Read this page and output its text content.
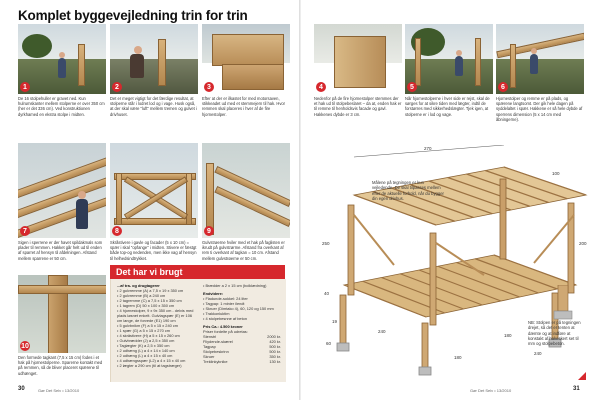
Komplet byggevejledning trin for trin
1	2	3	4	5	6
De 16 stolpehuller er gravet ned. Kun hulrumskanter mellem stolperne er over 350 cm (her er det 336 cm). Ved konstruktionen dyrkhamed en ekstra stolpe i midten.
Det er meget vigtigt for det færdige resultat, at stolperne står i lodret lod og i vage. Husk også, at der skal være "luft" mellem tremen og gulvet i drivhuset.
Efter at der er ilkastet for med motorsaven, stikkeadet ud med et stemmejern til hak. Hvor remmen skal placeres i hver af de fire hjornestolper.
Nedenfor på de fire hjornestolper stemmes der et hak ud til stolpebeslaret – da at, enden hak er til remme til henholdsvis facade og gavl. Hakkenes dybde er 3 cm.
Når hjornestolperne i hver side er rejst, skal de sørges for at sikre tiden med lægter, indtil de forstørres med sikkerhedslægter. Tjek igen, at stolperne er i lod og vage.
Hjornestolper og remme er på plads, og spærene langtsomt. Der gik hele dagen på syddelaltet i spær. Hakkene er så hele dybde af sperrens dimension (5 x 14 cm med åbningerne).
7	8	9
Sigen i sperrene er der havet spildakmals som plader til remmen. Hakket går helt ud til enden af sparret af hensyn til afdelningen. Afstand mellem sparrene er 50 cm.
Skråstivere i gavle og facader (5 x 10 cm) = spær i skal "opfange" i midten. Stivere er fæstgt både top-og nedenden, men ikke vag af hensyn til helhedsindtrykket.
Gulvstrøerne hviler med et hak på faglisten er ikrudt på gulvstrørme. Afstand fra overkant af rem ti overkant af tagkan = 10 cm. Afstand mellem gulvstrøerne er 50 cm.
10
Den formede tagkant (7,5 x 15 cm) fodes i et hak på hjornestolperne. Sparerne kontakt med på remmen, så de bliver placeret spærene til udhænget.
Det har vi brugt
...af tra- og drugtagerer
• 2 gulvremme (A) a 7,5 x 19 x 350 cm
• 2 gulvremme (B) a 240 cm
• 2 tagremme (C) a 7,5 x 15 x 350 cm
• 1 tagrem (D) 50 x 100 x 350 cm
• 4 hjornestolper, 9 x 9x 350 cm - delvis med plads løsnet enkelt. Gulvlagspær (E) er 106 cm lange, de forvede (E1) 190 cm
• 5 gulvbnikm (F) a 5 x 15 x 240 cm
• 1 spær (G) a 5 x 15 x 270 cm
• 4 skrästivere (H) a 5 x 15 x 260 cm
• Gulvbrædder (J) a 2,5 x 350 cm
• Taglægter (K) a 2,5 x 350 cm
• 2 udhæng (L) a 4 x 14 x 140 cm
• 2 udhæng (L) a 4 x 15 x 40 cm
• 4 udhængsspær (L2) a 4 x 15 x 40 cm
• 2 lægter a 290 cm (til at tagstræger)
• Brædder a 2 x 15 cm (bolklædning)
Endvidere:
• Fladunde-sokkel: 24 liter
• Tagpap: 1 minier ilendt
• Skruer (Dimtako 4), 60, 120 og 150 mm
• Trakkonluktim
• 4 stolpebesnne af beton
Pris Ca.: 4.500 kroner
Priser fordelte på udretas:
Stenstrl	2000 kr.
Fliydende-skærel	420 kr.
Tagpap	500 kr.
Stolpebeskrinn	500 kr.
Skruer	350 kr.
Treklinkyknike	130 kr.
30	Gør Det Selv • 13/2010
270
100
250	200
240
40
19
60
180
180
240
Målene på tegningen er kun vejledende. De skal tilpasses mellem efter de aktuelle forhold, når du bygger din egen drivhus.
NB: Stolpen er på tegningen drejet, så det er tenten at dæmte og at indføre at konstakt af hakeskert set til mm og stolpebeton.
Gør Det Selv • 13/2010	31
